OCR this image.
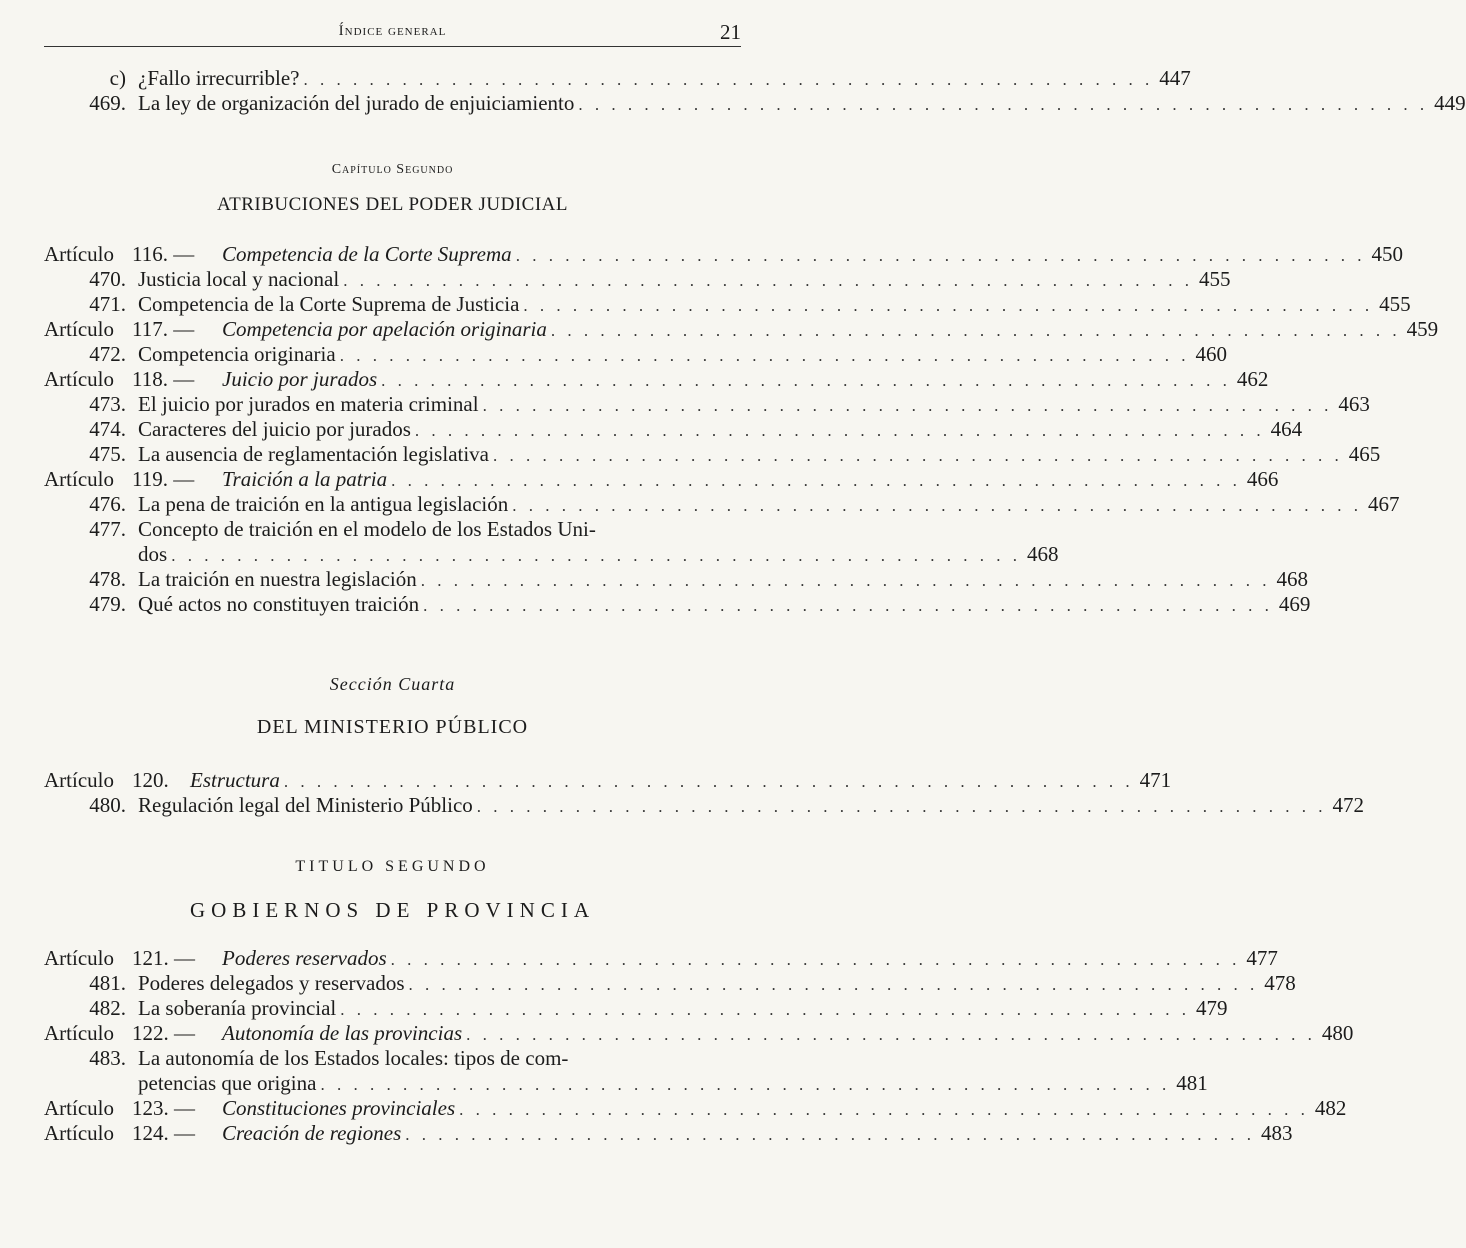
Índice general	21
c) ¿Fallo irrecurrible? . . . . . . . . . . . . . . . . . . . . . . . . . . . . . . . . . . . . . . . . . . . . . . . . . . . . 447
469. La ley de organización del jurado de enjuiciamiento . . . . . . . . . . . . . . . . . . . . . . . . . . . . . . . . . . . . . . . . . . . . . . . . . . . . 449
Capítulo Segundo
ATRIBUCIONES DEL PODER JUDICIAL
Artículo 116. — Competencia de la Corte Suprema . . . . . . . . . . . . . . . . . . . . . . . . . . . . . . . . . . . . . . . . . . . . . . . . . . . . 450
470. Justicia local y nacional . . . . . . . . . . . . . . . . . . . . . . . . . . . . . . . . . . . . . . . . . . . . . . . . . . . . 455
471. Competencia de la Corte Suprema de Justicia . . . . . . . . . . . . . . . . . . . . . . . . . . . . . . . . . . . . . . . . . . . . . . . . . . . . 455
Artículo 117. — Competencia por apelación originaria . . . . . . . . . . . . . . . . . . . . . . . . . . . . . . . . . . . . . . . . . . . . . . . . . . . . 459
472. Competencia originaria . . . . . . . . . . . . . . . . . . . . . . . . . . . . . . . . . . . . . . . . . . . . . . . . . . . . 460
Artículo 118. — Juicio por jurados . . . . . . . . . . . . . . . . . . . . . . . . . . . . . . . . . . . . . . . . . . . . . . . . . . . . 462
473. El juicio por jurados en materia criminal . . . . . . . . . . . . . . . . . . . . . . . . . . . . . . . . . . . . . . . . . . . . . . . . . . . . 463
474. Caracteres del juicio por jurados . . . . . . . . . . . . . . . . . . . . . . . . . . . . . . . . . . . . . . . . . . . . . . . . . . . . 464
475. La ausencia de reglamentación legislativa . . . . . . . . . . . . . . . . . . . . . . . . . . . . . . . . . . . . . . . . . . . . . . . . . . . . 465
Artículo 119. — Traición a la patria . . . . . . . . . . . . . . . . . . . . . . . . . . . . . . . . . . . . . . . . . . . . . . . . . . . . 466
476. La pena de traición en la antigua legislación . . . . . . . . . . . . . . . . . . . . . . . . . . . . . . . . . . . . . . . . . . . . . . . . . . . . 467
477. Concepto de traición en el modelo de los Estados Uni-
dos . . . . . . . . . . . . . . . . . . . . . . . . . . . . . . . . . . . . . . . . . . . . . . . . . . . . 468
478. La traición en nuestra legislación . . . . . . . . . . . . . . . . . . . . . . . . . . . . . . . . . . . . . . . . . . . . . . . . . . . . 468
479. Qué actos no constituyen traición . . . . . . . . . . . . . . . . . . . . . . . . . . . . . . . . . . . . . . . . . . . . . . . . . . . . 469
Sección Cuarta
DEL MINISTERIO PÚBLICO
Artículo 120. Estructura . . . . . . . . . . . . . . . . . . . . . . . . . . . . . . . . . . . . . . . . . . . . . . . . . . . . 471
480. Regulación legal del Ministerio Público . . . . . . . . . . . . . . . . . . . . . . . . . . . . . . . . . . . . . . . . . . . . . . . . . . . . 472
TITULO SEGUNDO
GOBIERNOS DE PROVINCIA
Artículo 121. — Poderes reservados . . . . . . . . . . . . . . . . . . . . . . . . . . . . . . . . . . . . . . . . . . . . . . . . . . . . 477
481. Poderes delegados y reservados . . . . . . . . . . . . . . . . . . . . . . . . . . . . . . . . . . . . . . . . . . . . . . . . . . . . 478
482. La soberanía provincial . . . . . . . . . . . . . . . . . . . . . . . . . . . . . . . . . . . . . . . . . . . . . . . . . . . . 479
Artículo 122. — Autonomía de las provincias . . . . . . . . . . . . . . . . . . . . . . . . . . . . . . . . . . . . . . . . . . . . . . . . . . . . 480
483. La autonomía de los Estados locales: tipos de com-
petencias que origina . . . . . . . . . . . . . . . . . . . . . . . . . . . . . . . . . . . . . . . . . . . . . . . . . . . . 481
Artículo 123. — Constituciones provinciales . . . . . . . . . . . . . . . . . . . . . . . . . . . . . . . . . . . . . . . . . . . . . . . . . . . . 482
Artículo 124. — Creación de regiones . . . . . . . . . . . . . . . . . . . . . . . . . . . . . . . . . . . . . . . . . . . . . . . . . . . . 483
